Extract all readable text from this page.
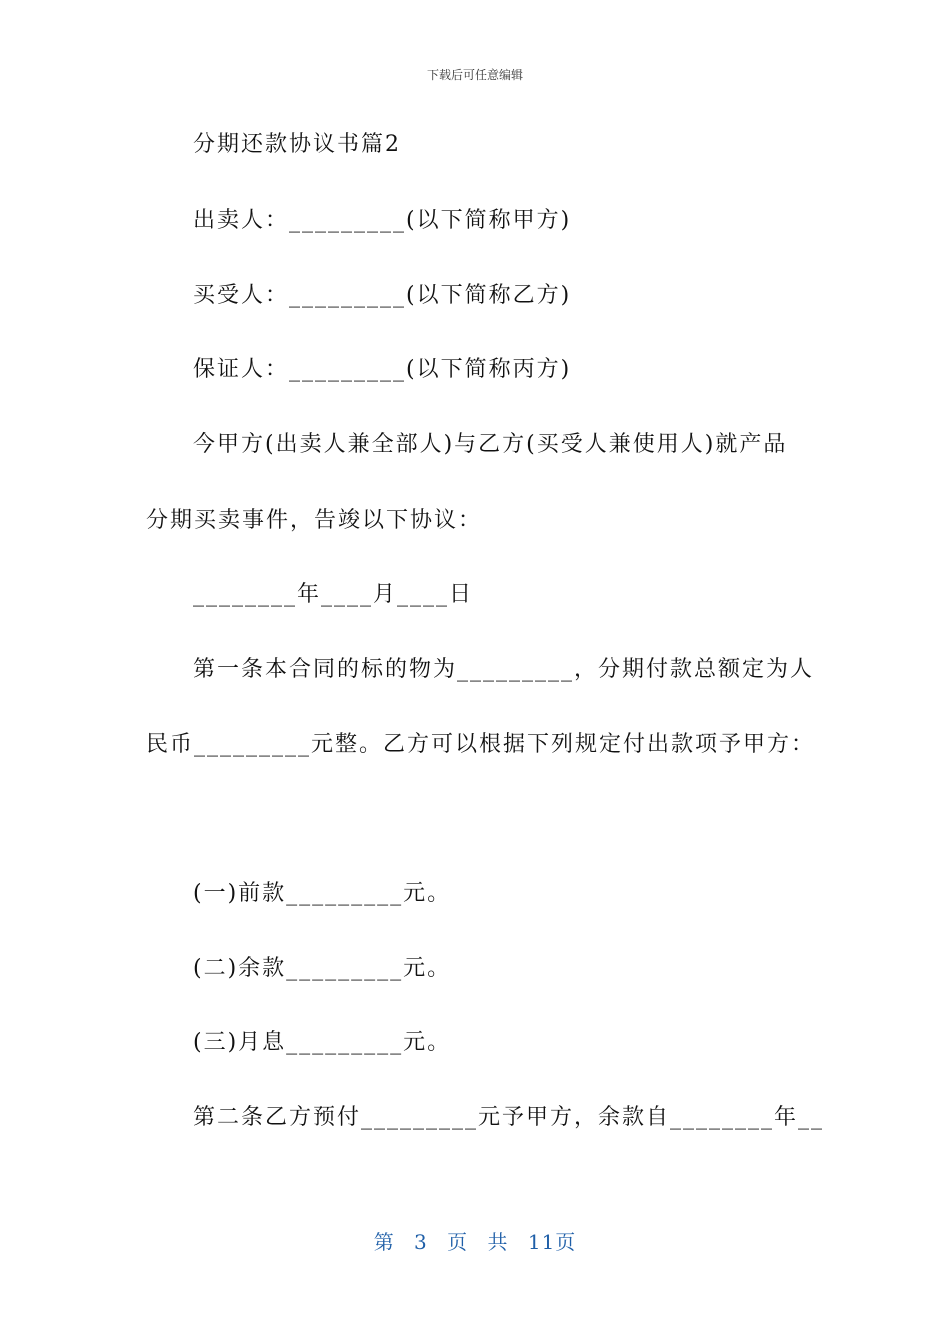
下载后可任意编辑
分期还款协议书篇2
出卖人：_________(以下简称甲方)
买受人：_________(以下简称乙方)
保证人：_________(以下简称丙方)
今甲方(出卖人兼全部人)与乙方(买受人兼使用人)就产品
分期买卖事件，告竣以下协议：
________年____月____日
第一条本合同的标的物为_________，分期付款总额定为人
民币_________元整。乙方可以根据下列规定付出款项予甲方：
(一)前款_________元。
(二)余款_________元。
(三)月息_________元。
第二条乙方预付_________元予甲方，余款自________年__
第 3 页 共 11页
